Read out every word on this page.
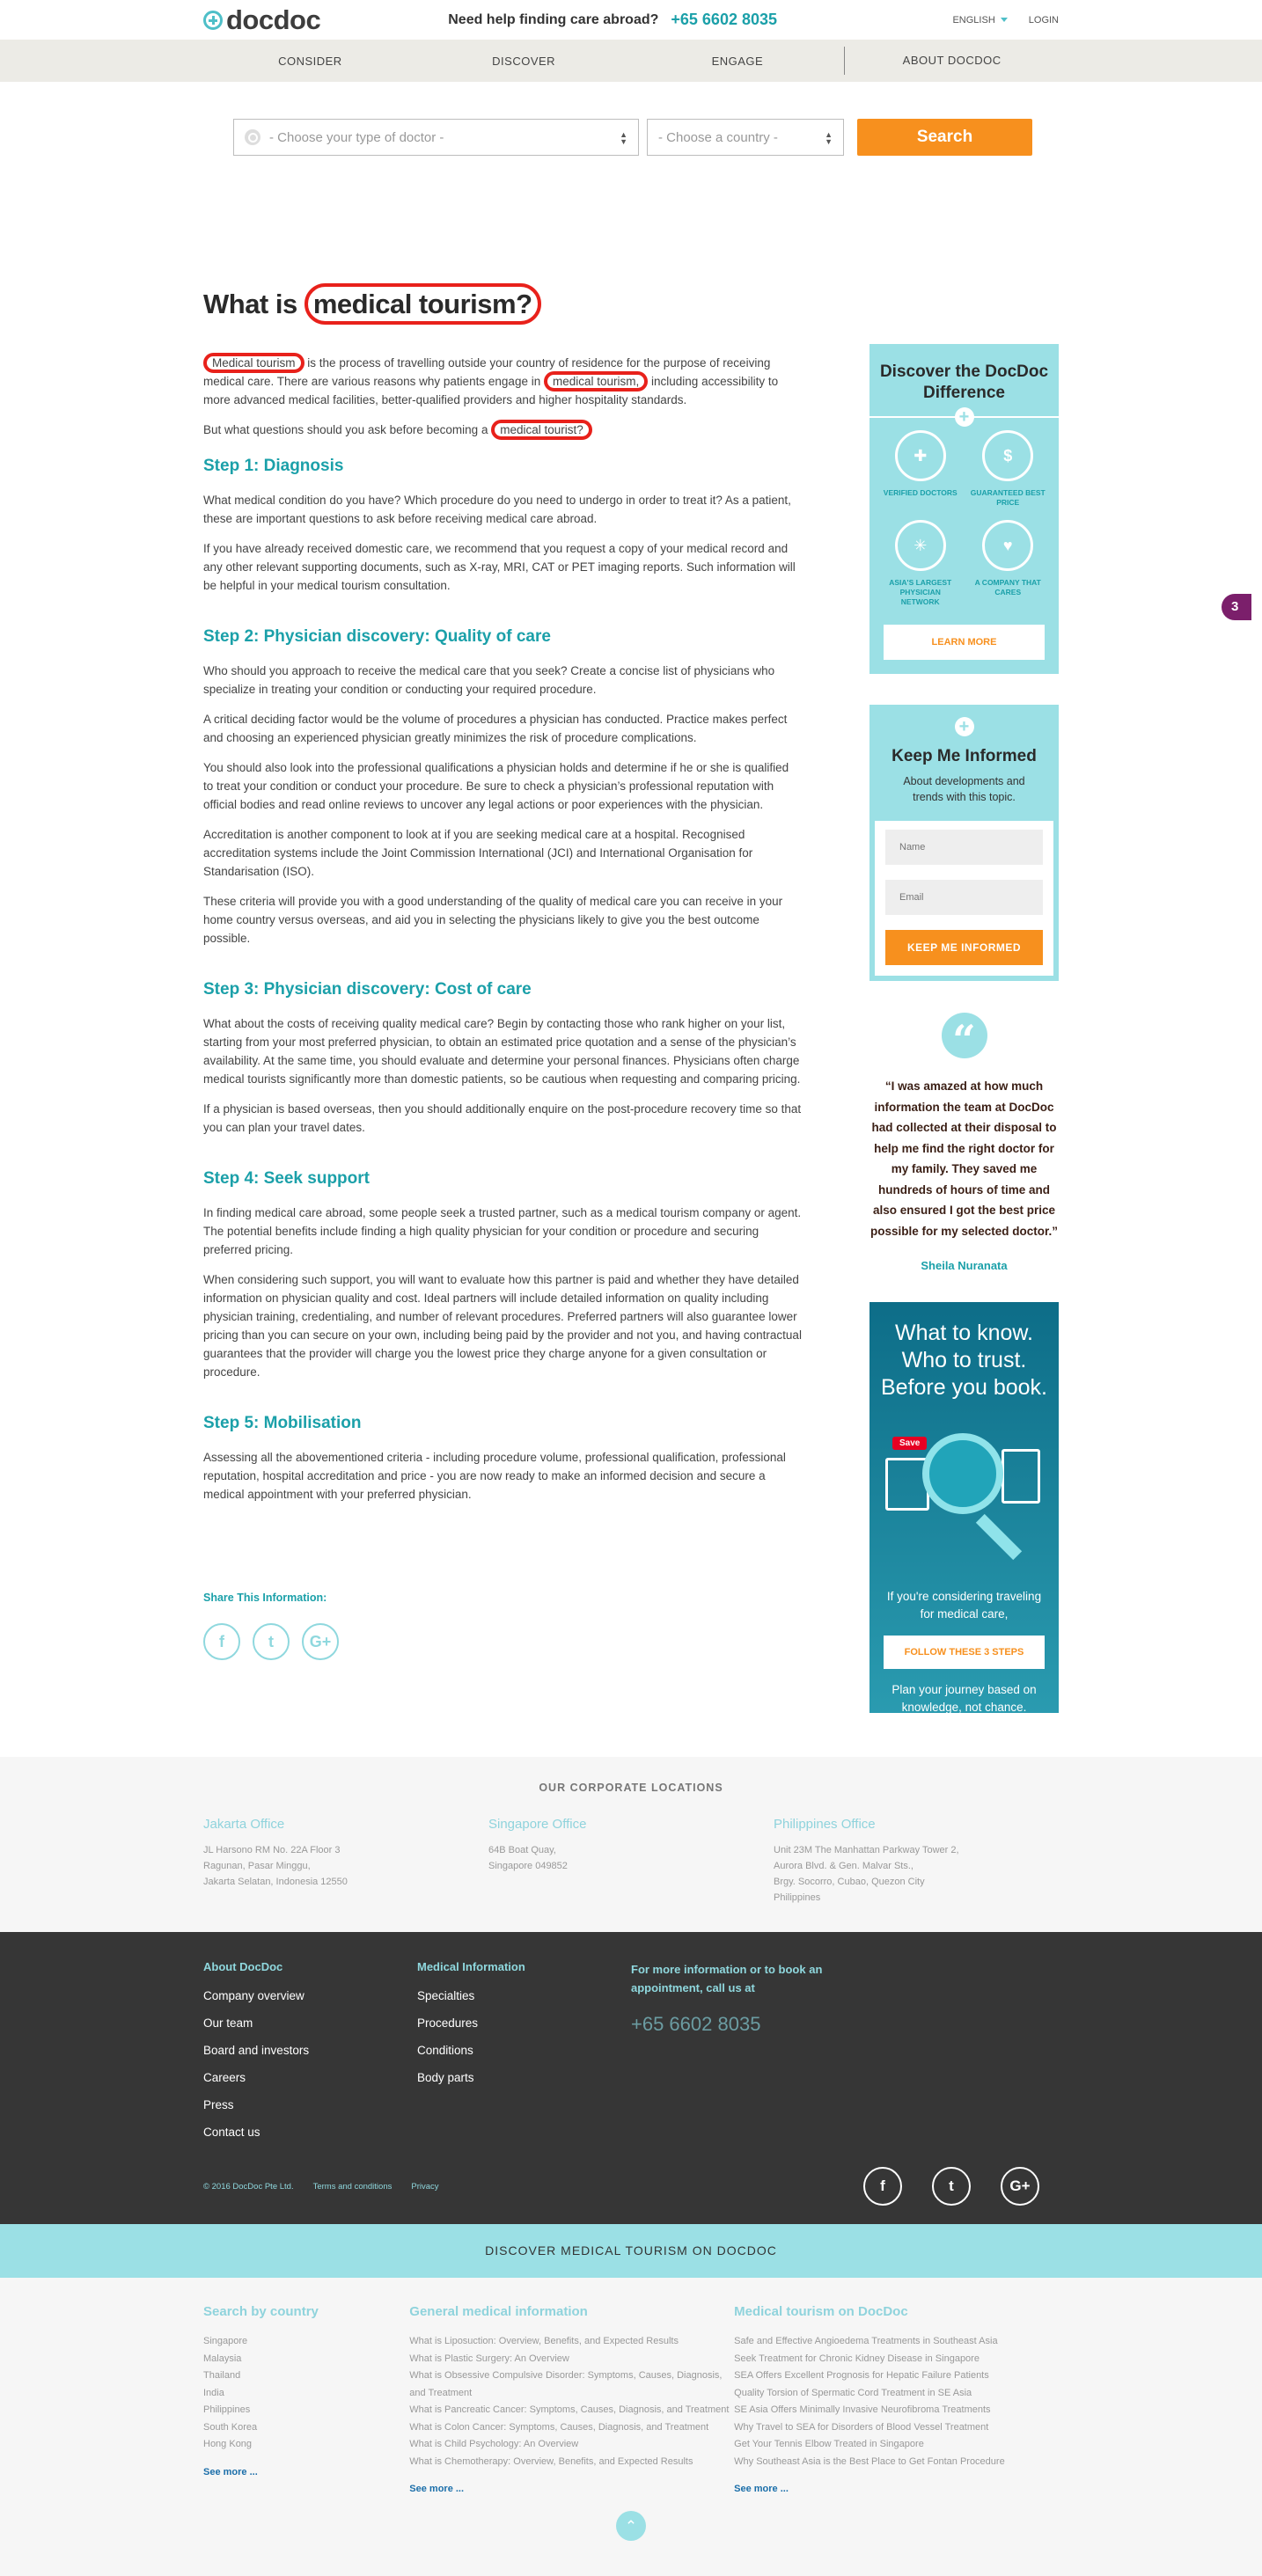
docdoc	Need help finding care abroad? +65 6602 8035	ENGLISH	LOGIN
CONSIDER	DISCOVER	ENGAGE	ABOUT DOCDOC
- Choose your type of doctor -	▲
▼ - Choose a country -	▲
▼	Search
What is medical tourism?

Medical tourism is the process of travelling outside your country of residence for the purpose of receiving medical care. There are various reasons why patients engage in medical tourism, including accessibility to more advanced medical facilities, better-qualified providers and higher hospitality standards.

But what questions should you ask before becoming a medical tourist?

Step 1: Diagnosis

What medical condition do you have? Which procedure do you need to undergo in order to treat it? As a patient, these are important questions to ask before receiving medical care abroad.

If you have already received domestic care, we recommend that you request a copy of your medical record and any other relevant supporting documents, such as X-ray, MRI, CAT or PET imaging reports. Such information will be helpful in your medical tourism consultation.

Step 2: Physician discovery: Quality of care

Who should you approach to receive the medical care that you seek? Create a concise list of physicians who specialize in treating your condition or conducting your required procedure.

A critical deciding factor would be the volume of procedures a physician has conducted. Practice makes perfect and choosing an experienced physician greatly minimizes the risk of procedure complications.

You should also look into the professional qualifications a physician holds and determine if he or she is qualified to treat your condition or conduct your procedure. Be sure to check a physician’s professional reputation with official bodies and read online reviews to uncover any legal actions or poor experiences with the physician.

Accreditation is another component to look at if you are seeking medical care at a hospital. Recognised accreditation systems include the Joint Commission International (JCI) and International Organisation for Standarisation (ISO).

These criteria will provide you with a good understanding of the quality of medical care you can receive in your home country versus overseas, and aid you in selecting the physicians likely to give you the best outcome possible.

Step 3: Physician discovery: Cost of care

What about the costs of receiving quality medical care? Begin by contacting those who rank higher on your list, starting from your most preferred physician, to obtain an estimated price quotation and a sense of the physician’s availability. At the same time, you should evaluate and determine your personal finances. Physicians often charge medical tourists significantly more than domestic patients, so be cautious when requesting and comparing pricing.

If a physician is based overseas, then you should additionally enquire on the post-procedure recovery time so that you can plan your travel dates.

Step 4: Seek support

In finding medical care abroad, some people seek a trusted partner, such as a medical tourism company or agent. The potential benefits include finding a high quality physician for your condition or procedure and securing preferred pricing.

When considering such support, you will want to evaluate how this partner is paid and whether they have detailed information on physician quality and cost. Ideal partners will include detailed information on quality including physician training, credentialing, and number of relevant procedures. Preferred partners will also guarantee lower pricing than you can secure on your own, including being paid by the provider and not you, and having contractual guarantees that the provider will charge you the lowest price they charge anyone for a given consultation or procedure.

Step 5: Mobilisation

Assessing all the abovementioned criteria - including procedure volume, professional qualification, professional reputation, hospital accreditation and price - you are now ready to make an informed decision and secure a medical appointment with your preferred physician.

Share This Information:
f	t	G+
Discover the DocDoc Difference
+
✚
VERIFIED DOCTORS
$
GUARANTEED BEST PRICE
✳
ASIA'S LARGEST PHYSICIAN NETWORK
♥
A COMPANY THAT CARES
LEARN MORE
+
Keep Me Informed
About developments and trends with this topic.
Name
Email
KEEP ME INFORMED
“

“I was amazed at how much information the team at DocDoc had collected at their disposal to help me find the right doctor for my family. They saved me hundreds of hours of time and also ensured I got the best price possible for my selected doctor.”

Sheila Nuranata
What to know. Who to trust. Before you book.
Save
If you're considering traveling for medical care,
FOLLOW THESE 3 STEPS
Plan your journey based on knowledge, not chance.
3
OUR CORPORATE LOCATIONS
Jakarta Office

JL Harsono RM No. 22A Floor 3

Ragunan, Pasar Minggu,

Jakarta Selatan, Indonesia 12550

Singapore Office

64B Boat Quay,

Singapore 049852

Philippines Office

Unit 23M The Manhattan Parkway Tower 2,

Aurora Blvd. & Gen. Malvar Sts.,

Brgy. Socorro, Cubao, Quezon City

Philippines

About DocDoc
Company overview
Our team
Board and investors
Careers
Press
Contact us
Medical Information
Specialties
Procedures
Conditions
Body parts
For more information or to book an appointment, call us at
+65 6602 8035
© 2016 DocDoc Pte Ltd. Terms and conditions Privacy	f	t	G+
DISCOVER MEDICAL TOURISM ON DOCDOC
Search by country
Singapore
Malaysia
Thailand
India
Philippines
South Korea
Hong Kong
See more ...
General medical information
What is Liposuction: Overview, Benefits, and Expected Results
What is Plastic Surgery: An Overview
What is Obsessive Compulsive Disorder: Symptoms, Causes, Diagnosis, and Treatment
What is Pancreatic Cancer: Symptoms, Causes, Diagnosis, and Treatment
What is Colon Cancer: Symptoms, Causes, Diagnosis, and Treatment
What is Child Psychology: An Overview
What is Chemotherapy: Overview, Benefits, and Expected Results
See more ...
Medical tourism on DocDoc
Safe and Effective Angioedema Treatments in Southeast Asia
Seek Treatment for Chronic Kidney Disease in Singapore
SEA Offers Excellent Prognosis for Hepatic Failure Patients
Quality Torsion of Spermatic Cord Treatment in SE Asia
SE Asia Offers Minimally Invasive Neurofibroma Treatments
Why Travel to SEA for Disorders of Blood Vessel Treatment
Get Your Tennis Elbow Treated in Singapore
Why Southeast Asia is the Best Place to Get Fontan Procedure
See more ...
⌃
